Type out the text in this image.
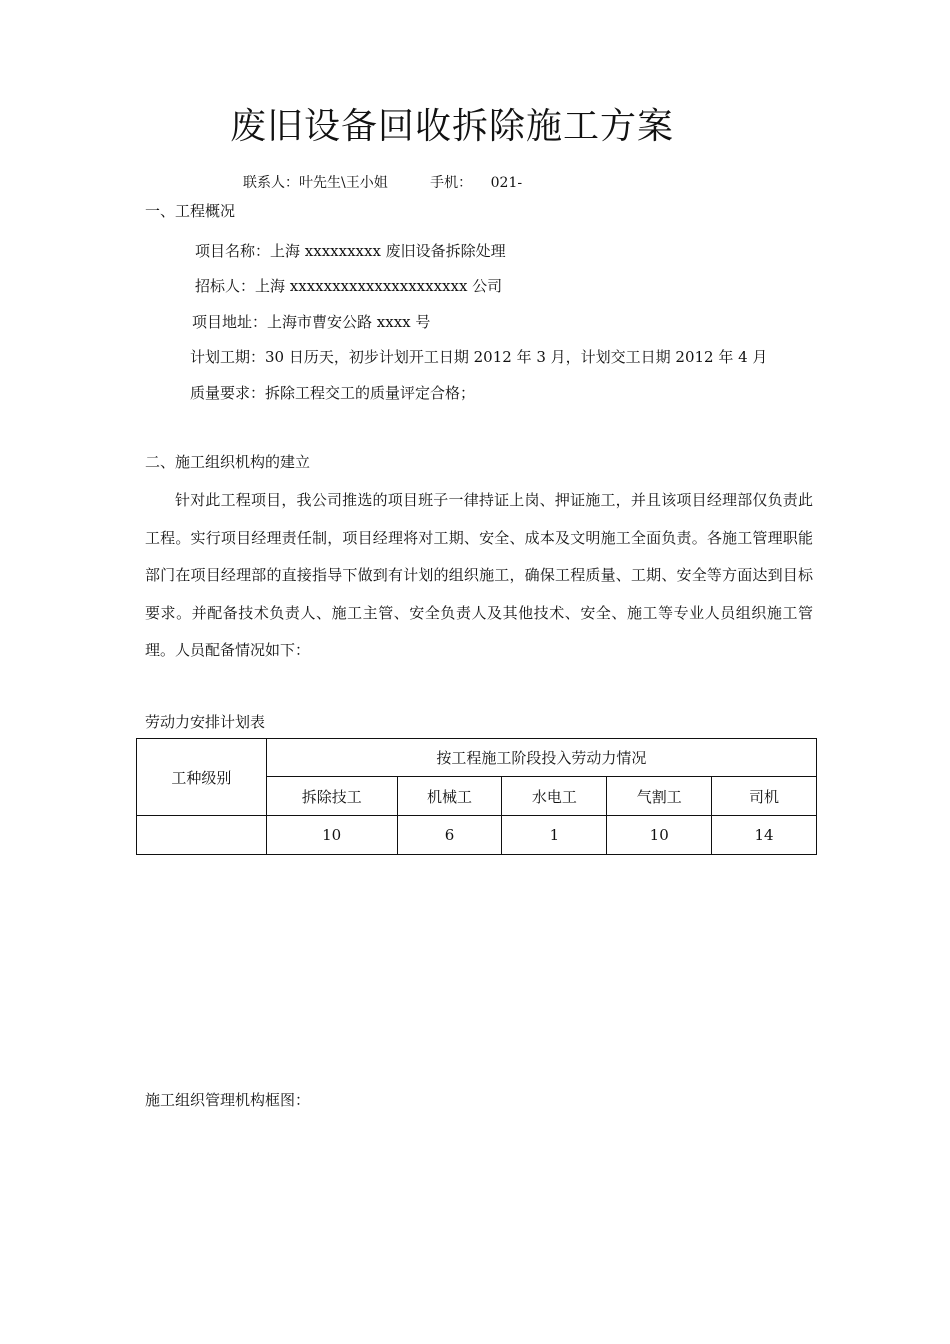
废旧设备回收拆除施工方案
联系人：叶先生\王小姐	手机： 021-
一、工程概况
项目名称：上海 xxxxxxxxx 废旧设备拆除处理
招标人：上海 xxxxxxxxxxxxxxxxxxxxx 公司
项目地址：上海市曹安公路 xxxx 号
计划工期：30 日历天，初步计划开工日期 2012 年 3 月，计划交工日期 2012 年 4 月
质量要求：拆除工程交工的质量评定合格；
二、施工组织机构的建立
针对此工程项目，我公司推选的项目班子一律持证上岗、押证施工，并且该项目经理部仅负责此工程。实行项目经理责任制，项目经理将对工期、安全、成本及文明施工全面负责。各施工管理职能部门在项目经理部的直接指导下做到有计划的组织施工，确保工程质量、工期、安全等方面达到目标要求。并配备技术负责人、施工主管、安全负责人及其他技术、安全、施工等专业人员组织施工管理。人员配备情况如下：
劳动力安排计划表
工种级别	按工程施工阶段投入劳动力情况				
	拆除技工	机械工	水电工	气割工	司机
	10	6	1	10	14
施工组织管理机构框图：
